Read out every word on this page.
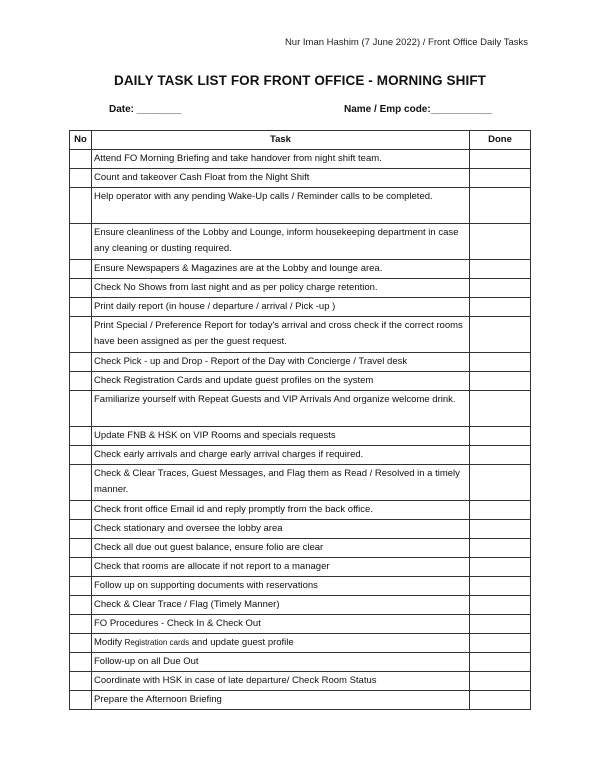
Nur Iman Hashim (7 June 2022) / Front Office Daily Tasks
DAILY TASK LIST FOR FRONT OFFICE - MORNING SHIFT
Date: ________	Name / Emp code:___________
No	Task	Done
	Attend FO Morning Briefing and take handover from night shift team.	
	Count and takeover Cash Float from the Night Shift	
	Help operator with any pending Wake-Up calls / Reminder calls to be completed.	
	Ensure cleanliness of the Lobby and Lounge, inform housekeeping department in case any cleaning or dusting required.	
	Ensure Newspapers & Magazines are at the Lobby and lounge area.	
	Check No Shows from last night and as per policy charge retention.	
	Print daily report (in house / departure / arrival / Pick -up )	
	Print Special / Preference Report for today's arrival and cross check if the correct rooms have been assigned as per the guest request.	
	Check Pick - up and Drop - Report of the Day with Concierge / Travel desk	
	Check Registration Cards and update guest profiles on the system	
	Familiarize yourself with Repeat Guests and VIP Arrivals And organize welcome drink.	
	Update FNB & HSK on VIP Rooms and specials requests	
	Check early arrivals and charge early arrival charges if required.	
	Check & Clear Traces, Guest Messages, and Flag them as Read / Resolved in a timely manner.	
	Check front office Email id and reply promptly from the back office.	
	Check stationary and oversee the lobby area	
	Check all due out guest balance, ensure folio are clear	
	Check that rooms are allocate if not report to a manager	
	Follow up on supporting documents with reservations	
	Check & Clear Trace / Flag (Timely Manner)	
	FO Procedures - Check In & Check Out	
	Modify Registration cards and update guest profile	
	Follow-up on all Due Out	
	Coordinate with HSK in case of late departure/ Check Room Status	
	Prepare the Afternoon Briefing	
